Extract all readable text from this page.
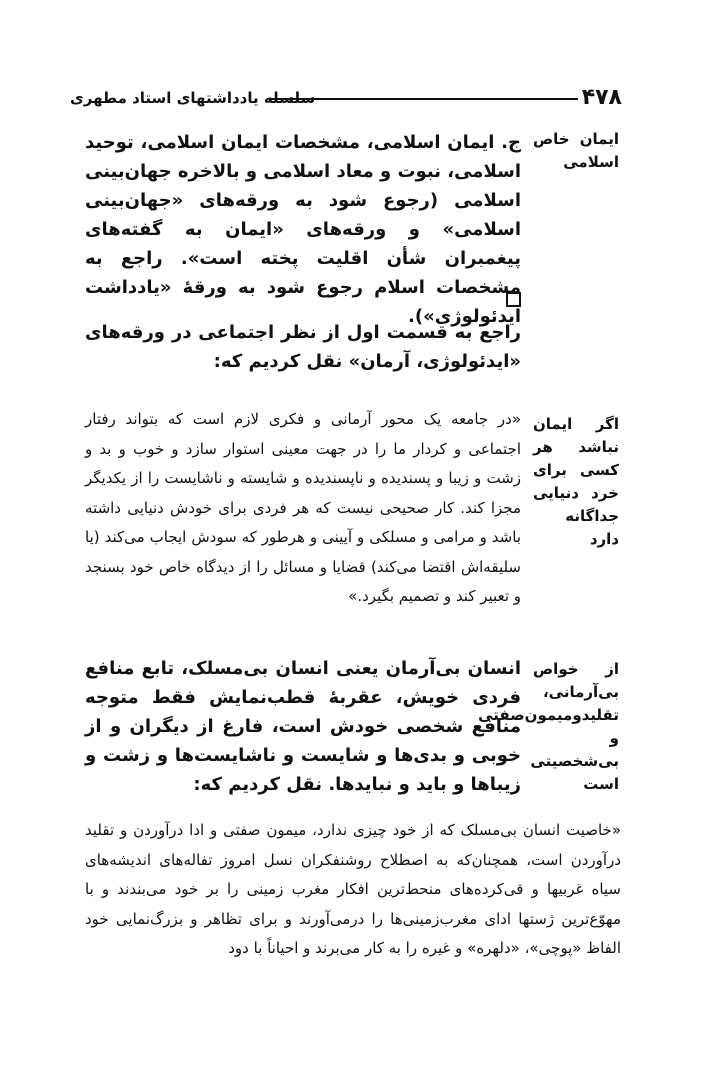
۴۷۸
سلسله یادداشتهای استاد مطهری
ایمان خاص اسلامی
ج. ایمان اسلامی، مشخصات ایمان اسلامی، توحید اسلامی، نبوت و معاد اسلامی و بالاخره جهان‌بینی اسلامی (رجوع شود به ورقه‌های «جهان‌بینی اسلامی» و ورقه‌های «ایمان به گفته‌های پیغمبران شأن اقلیت پخته است». راجع به مشخصات اسلام رجوع شود به ورقهٔ «یادداشت ایدئولوژی»).
راجع به قسمت اول از نظر اجتماعی در ورقه‌های «ایدئولوژی، آرمان» نقل کردیم که:
اگر ایمان نباشد هر کسی برای خرد دنیایی جداگانه دارد
«در جامعه یک محور آرمانی و فکری لازم است که بتواند رفتار اجتماعی و کردار ما را در جهت معینی استوار سازد و خوب و بد و زشت و زیبا و پسندیده و ناپسندیده و شایسته و ناشایست را از یکدیگر مجزا کند. کار صحیحی نیست که هر فردی برای خودش دنیایی داشته باشد و مرامی و مسلکی و آیینی و هرطور که سودش ایجاب می‌کند (یا سلیقه‌اش اقتضا می‌کند) قضایا و مسائل را از دیدگاه خاص خود بسنجد و تعبیر کند و تصمیم بگیرد.»
از خواص بی‌آرمانی، تقلیدومیمون‌صفتی و بی‌شخصیتی است
انسان بی‌آرمان یعنی انسان بی‌مسلک، تابع منافع فردی خویش، عقربهٔ قطب‌نمایش فقط متوجه منافع شخصی خودش است، فارغ از دیگران و از خوبی و بدی‌ها و شایست و ناشایست‌ها و زشت و زیباها و باید و نبایدها. نقل کردیم که:
«خاصیت انسان بی‌مسلک که از خود چیزی ندارد، میمون صفتی و ادا درآوردن و تقلید درآوردن است، همچنان‌که به اصطلاح روشنفکران نسل امروز تفاله‌های اندیشه‌های سیاه غربیها و قی‌کرده‌های منحط‌ترین افکار مغرب زمینی را بر خود می‌بندند و با مهوّع‌ترین ژستها ادای مغرب‌زمینی‌ها را درمی‌آورند و برای تظاهر و بزرگ‌نمایی خود الفاظ «پوچی»، «دلهره» و غیره را به کار می‌برند و احیاناً با دود
